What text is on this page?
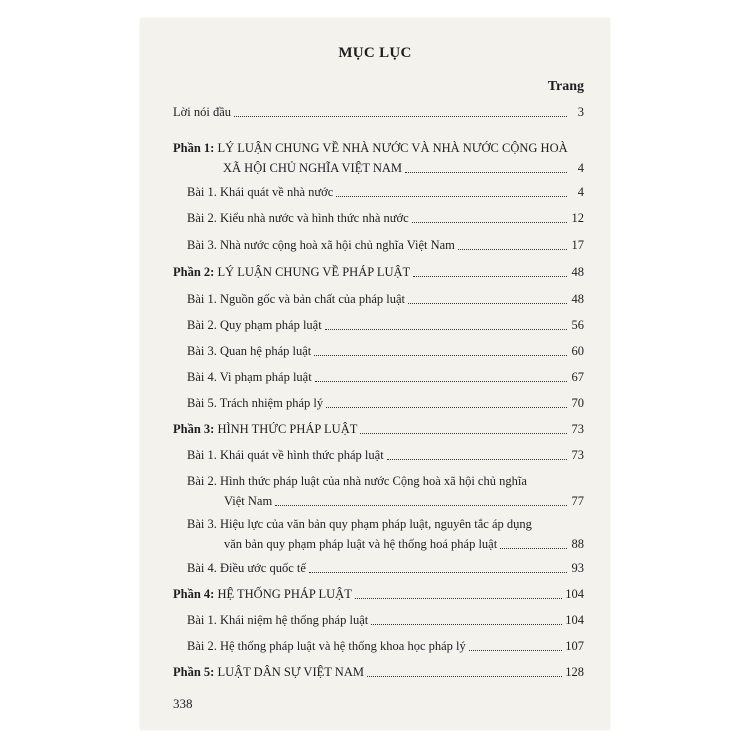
MỤC LỤC
Trang
Lời nói đầu	3
Phần 1: LÝ LUẬN CHUNG VỀ NHÀ NƯỚC VÀ NHÀ NƯỚC CỘNG HOÀ
XÃ HỘI CHỦ NGHĨA VIỆT NAM	4
Bài 1. Khái quát về nhà nước	4
Bài 2. Kiểu nhà nước và hình thức nhà nước	12
Bài 3. Nhà nước cộng hoà xã hội chủ nghĩa Việt Nam	17
Phần 2: LÝ LUẬN CHUNG VỀ PHÁP LUẬT	48
Bài 1. Nguồn gốc và bản chất của pháp luật	48
Bài 2. Quy phạm pháp luật	56
Bài 3. Quan hệ pháp luật	60
Bài 4. Vi phạm pháp luật	67
Bài 5. Trách nhiệm pháp lý	70
Phần 3: HÌNH THỨC PHÁP LUẬT	73
Bài 1. Khái quát về hình thức pháp luật	73
Bài 2. Hình thức pháp luật của nhà nước Cộng hoà xã hội chủ nghĩa
Việt Nam	77
Bài 3. Hiệu lực của văn bản quy phạm pháp luật, nguyên tắc áp dụng
văn bản quy phạm pháp luật và hệ thống hoá pháp luật	88
Bài 4. Điều ước quốc tế	93
Phần 4: HỆ THỐNG PHÁP LUẬT	104
Bài 1. Khái niệm hệ thống pháp luật	104
Bài 2. Hệ thống pháp luật và hệ thống khoa học pháp lý	107
Phần 5: LUẬT DÂN SỰ VIỆT NAM	128
338
